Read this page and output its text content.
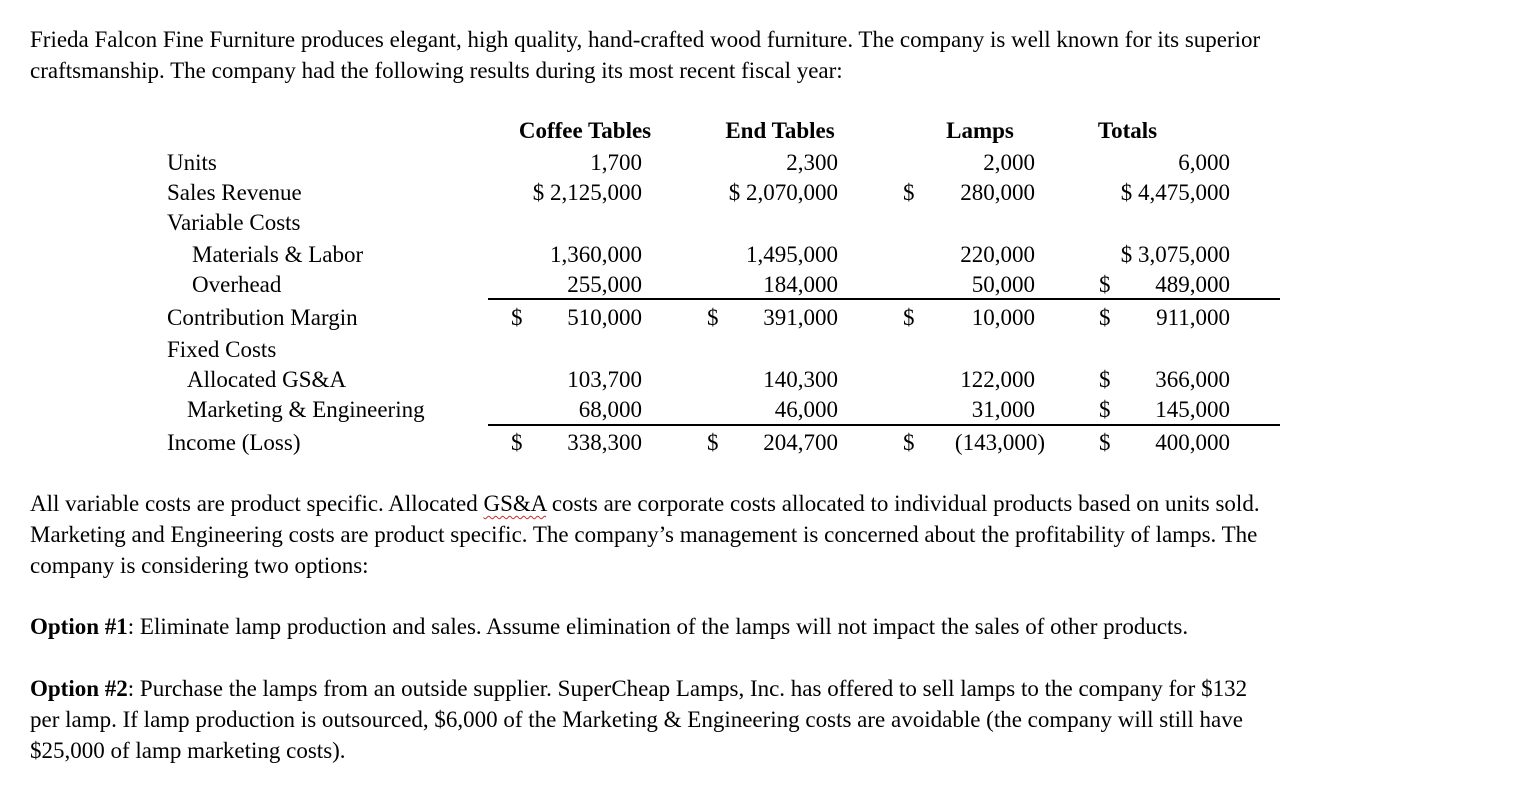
Frieda Falcon Fine Furniture produces elegant, high quality, hand-crafted wood furniture. The company is well known for its superior
craftsmanship. The company had the following results during its most recent fiscal year:
Coffee Tables	End Tables	Lamps	Totals
Units	1,700	2,300	2,000	6,000
Sales Revenue	$ 2,125,000	$ 2,070,000	$	280,000	$ 4,475,000
Variable Costs
Materials & Labor	1,360,000	1,495,000	220,000	$ 3,075,000
Overhead	255,000	184,000	50,000	$	489,000
Contribution Margin	$	510,000	$	391,000	$	10,000	$	911,000
Fixed Costs
Allocated GS&A	103,700	140,300	122,000	$	366,000
Marketing & Engineering	68,000	46,000	31,000	$	145,000
Income (Loss)	$	338,300	$	204,700	$	(143,000) $	400,000
All variable costs are product specific. Allocated GS&A costs are corporate costs allocated to individual products based on units sold.
Marketing and Engineering costs are product specific. The company’s management is concerned about the profitability of lamps. The
company is considering two options:
Option #1: Eliminate lamp production and sales. Assume elimination of the lamps will not impact the sales of other products.
Option #2: Purchase the lamps from an outside supplier. SuperCheap Lamps, Inc. has offered to sell lamps to the company for $132
per lamp. If lamp production is outsourced, $6,000 of the Marketing & Engineering costs are avoidable (the company will still have
$25,000 of lamp marketing costs).
